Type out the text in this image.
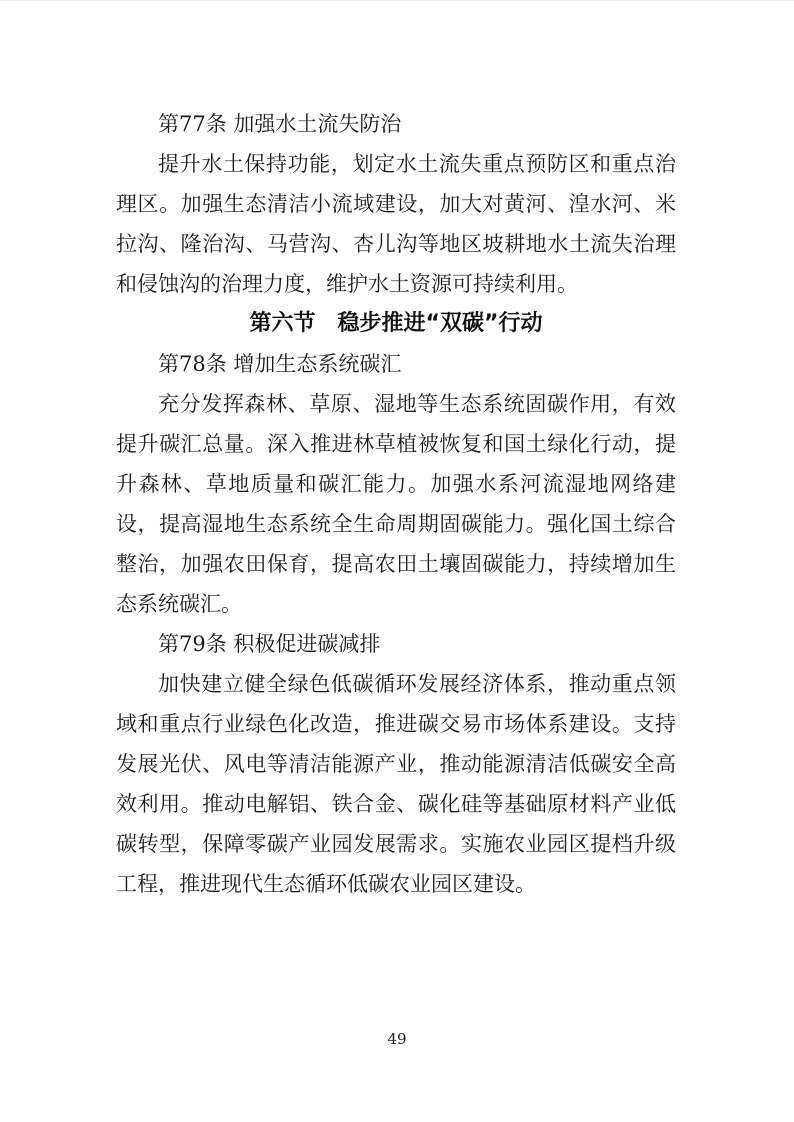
第77条 加强水土流失防治

提升水土保持功能，划定水土流失重点预防区和重点治理区。加强生态清洁小流域建设，加大对黄河、湟水河、米拉沟、隆治沟、马营沟、杏儿沟等地区坡耕地水土流失治理和侵蚀沟的治理力度，维护水土资源可持续利用。

第六节　稳步推进“双碳”行动
第78条 增加生态系统碳汇

充分发挥森林、草原、湿地等生态系统固碳作用，有效提升碳汇总量。深入推进林草植被恢复和国土绿化行动，提升森林、草地质量和碳汇能力。加强水系河流湿地网络建设，提高湿地生态系统全生命周期固碳能力。强化国土综合整治，加强农田保育，提高农田土壤固碳能力，持续增加生态系统碳汇。

第79条 积极促进碳减排

加快建立健全绿色低碳循环发展经济体系，推动重点领域和重点行业绿色化改造，推进碳交易市场体系建设。支持发展光伏、风电等清洁能源产业，推动能源清洁低碳安全高效利用。推动电解铝、铁合金、碳化硅等基础原材料产业低碳转型，保障零碳产业园发展需求。实施农业园区提档升级工程，推进现代生态循环低碳农业园区建设。

49
